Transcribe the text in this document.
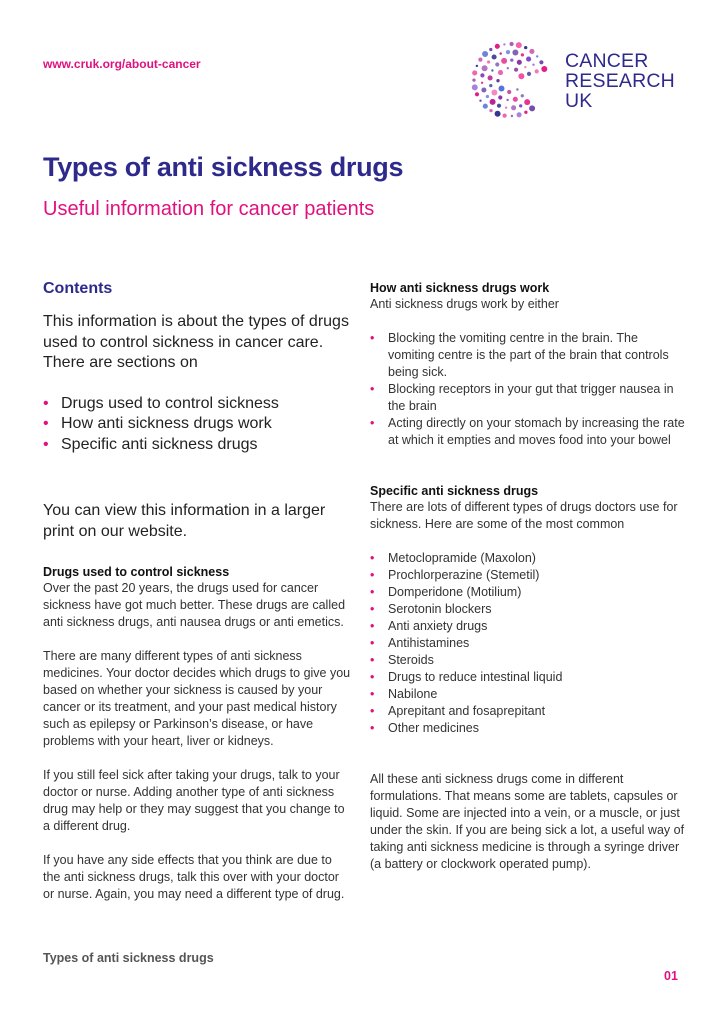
www.cruk.org/about-cancer	CANCER
RESEARCH
UK
Types of anti sickness drugs
Useful information for cancer patients
Contents

This information is about the types of drugs used to control sickness in cancer care. There are sections on

• Drugs used to control sickness
• How anti sickness drugs work
• Specific anti sickness drugs

You can view this information in a larger print on our website.

Drugs used to control sickness

Over the past 20 years, the drugs used for cancer sickness have got much better. These drugs are called anti sickness drugs, anti nausea drugs or anti emetics.

There are many different types of anti sickness medicines. Your doctor decides which drugs to give you based on whether your sickness is caused by your cancer or its treatment, and your past medical history such as epilepsy or Parkinson’s disease, or have problems with your heart, liver or kidneys.

If you still feel sick after taking your drugs, talk to your doctor or nurse. Adding another type of anti sickness drug may help or they may suggest that you change to a different drug.

If you have any side effects that you think are due to the anti sickness drugs, talk this over with your doctor or nurse. Again, you may need a different type of drug.

How anti sickness drugs work

Anti sickness drugs work by either

• Blocking the vomiting centre in the brain. The vomiting centre is the part of the brain that controls being sick.
• Blocking receptors in your gut that trigger nausea in the brain
• Acting directly on your stomach by increasing the rate at which it empties and moves food into your bowel
Specific anti sickness drugs

There are lots of different types of drugs doctors use for sickness. Here are some of the most common

• Metoclopramide (Maxolon)
• Prochlorperazine (Stemetil)
• Domperidone (Motilium)
• Serotonin blockers
• Anti anxiety drugs
• Antihistamines
• Steroids
• Drugs to reduce intestinal liquid
• Nabilone
• Aprepitant and fosaprepitant
• Other medicines

All these anti sickness drugs come in different formulations. That means some are tablets, capsules or liquid. Some are injected into a vein, or a muscle, or just under the skin. If you are being sick a lot, a useful way of taking anti sickness medicine is through a syringe driver (a battery or clockwork operated pump).

Types of anti sickness drugs
01
